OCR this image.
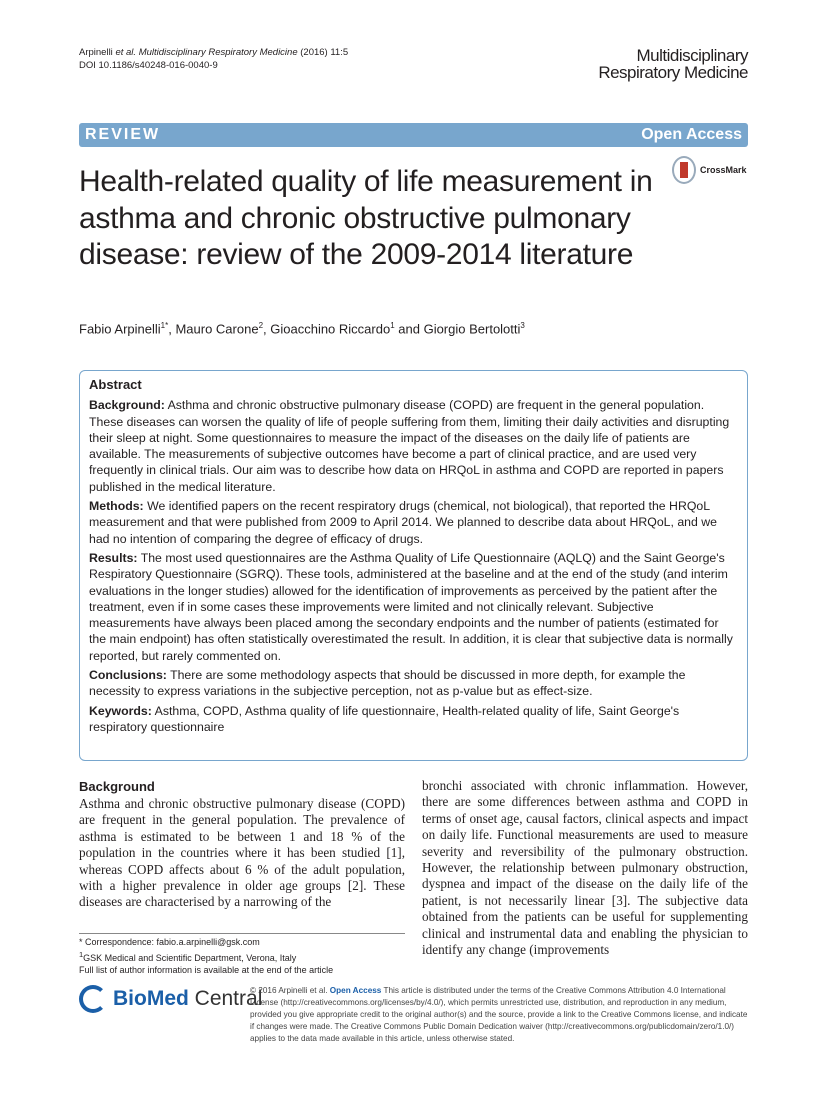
Arpinelli et al. Multidisciplinary Respiratory Medicine (2016) 11:5
DOI 10.1186/s40248-016-0040-9
Multidisciplinary
Respiratory Medicine
REVIEW	Open Access
CrossMark
Health-related quality of life measurement in asthma and chronic obstructive pulmonary disease: review of the 2009-2014 literature
Fabio Arpinelli$^{1*}$, Mauro Carone$^2$, Gioacchino Riccardo$^1$ and Giorgio Bertolotti$^3$
Abstract

Background: Asthma and chronic obstructive pulmonary disease (COPD) are frequent in the general population. These diseases can worsen the quality of life of people suffering from them, limiting their daily activities and disrupting their sleep at night. Some questionnaires to measure the impact of the diseases on the daily life of patients are available. The measurements of subjective outcomes have become a part of clinical practice, and are used very frequently in clinical trials. Our aim was to describe how data on HRQoL in asthma and COPD are reported in papers published in the medical literature.

Methods: We identified papers on the recent respiratory drugs (chemical, not biological), that reported the HRQoL measurement and that were published from 2009 to April 2014. We planned to describe data about HRQoL, and we had no intention of comparing the degree of efficacy of drugs.

Results: The most used questionnaires are the Asthma Quality of Life Questionnaire (AQLQ) and the Saint George's Respiratory Questionnaire (SGRQ). These tools, administered at the baseline and at the end of the study (and interim evaluations in the longer studies) allowed for the identification of improvements as perceived by the patient after the treatment, even if in some cases these improvements were limited and not clinically relevant. Subjective measurements have always been placed among the secondary endpoints and the number of patients (estimated for the main endpoint) has often statistically overestimated the result. In addition, it is clear that subjective data is normally reported, but rarely commented on.

Conclusions: There are some methodology aspects that should be discussed in more depth, for example the necessity to express variations in the subjective perception, not as p-value but as effect-size.

Keywords: Asthma, COPD, Asthma quality of life questionnaire, Health-related quality of life, Saint George's respiratory questionnaire

Background

Asthma and chronic obstructive pulmonary disease (COPD) are frequent in the general population. The prevalence of asthma is estimated to be between 1 and 18 % of the population in the countries where it has been studied [1], whereas COPD affects about 6 % of the adult population, with a higher prevalence in older age groups [2]. These diseases are characterised by a narrowing of the

bronchi associated with chronic inflammation. However, there are some differences between asthma and COPD in terms of onset age, causal factors, clinical aspects and impact on daily life. Functional measurements are used to measure severity and reversibility of the pulmonary obstruction. However, the relationship between pulmonary obstruction, dyspnea and impact of the disease on the daily life of the patient, is not necessarily linear [3]. The subjective data obtained from the patients can be useful for supplementing clinical and instrumental data and enabling the physician to identify any change (improvements

* Correspondence: fabio.a.arpinelli@gsk.com
$^1$GSK Medical and Scientific Department, Verona, Italy
Full list of author information is available at the end of the article
BioMed Central
© 2016 Arpinelli et al. Open Access This article is distributed under the terms of the Creative Commons Attribution 4.0 International License (http://creativecommons.org/licenses/by/4.0/), which permits unrestricted use, distribution, and reproduction in any medium, provided you give appropriate credit to the original author(s) and the source, provide a link to the Creative Commons license, and indicate if changes were made. The Creative Commons Public Domain Dedication waiver (http://creativecommons.org/publicdomain/zero/1.0/) applies to the data made available in this article, unless otherwise stated.
